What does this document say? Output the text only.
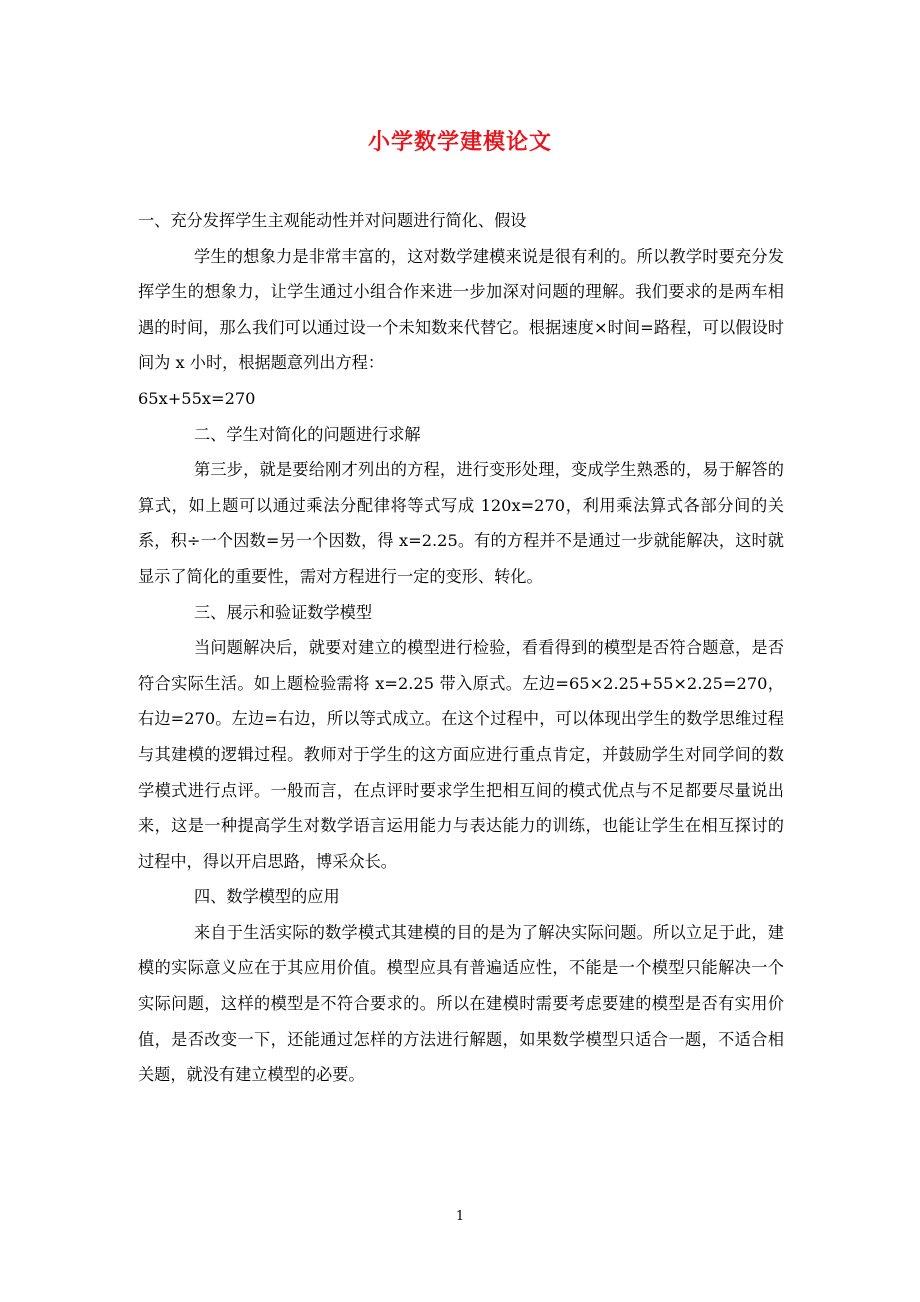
小学数学建模论文

一、充分发挥学生主观能动性并对问题进行简化、假设

学生的想象力是非常丰富的，这对数学建模来说是很有利的。所以教学时要充分发挥学生的想象力，让学生通过小组合作来进一步加深对问题的理解。我们要求的是两车相遇的时间，那么我们可以通过设一个未知数来代替它。根据速度×时间=路程，可以假设时间为 x 小时，根据题意列出方程：

65x+55x=270

二、学生对简化的问题进行求解

第三步，就是要给刚才列出的方程，进行变形处理，变成学生熟悉的，易于解答的算式，如上题可以通过乘法分配律将等式写成 120x=270，利用乘法算式各部分间的关系，积÷一个因数=另一个因数，得 x=2.25。有的方程并不是通过一步就能解决，这时就显示了简化的重要性，需对方程进行一定的变形、转化。

三、展示和验证数学模型

当问题解决后，就要对建立的模型进行检验，看看得到的模型是否符合题意，是否符合实际生活。如上题检验需将 x=2.25 带入原式。左边=65×2.25+55×2.25=270，右边=270。左边=右边，所以等式成立。在这个过程中，可以体现出学生的数学思维过程与其建模的逻辑过程。教师对于学生的这方面应进行重点肯定，并鼓励学生对同学间的数学模式进行点评。一般而言，在点评时要求学生把相互间的模式优点与不足都要尽量说出来，这是一种提高学生对数学语言运用能力与表达能力的训练，也能让学生在相互探讨的过程中，得以开启思路，博采众长。

四、数学模型的应用

来自于生活实际的数学模式其建模的目的是为了解决实际问题。所以立足于此，建模的实际意义应在于其应用价值。模型应具有普遍适应性，不能是一个模型只能解决一个实际问题，这样的模型是不符合要求的。所以在建模时需要考虑要建的模型是否有实用价值，是否改变一下，还能通过怎样的方法进行解题，如果数学模型只适合一题，不适合相关题，就没有建立模型的必要。

1
